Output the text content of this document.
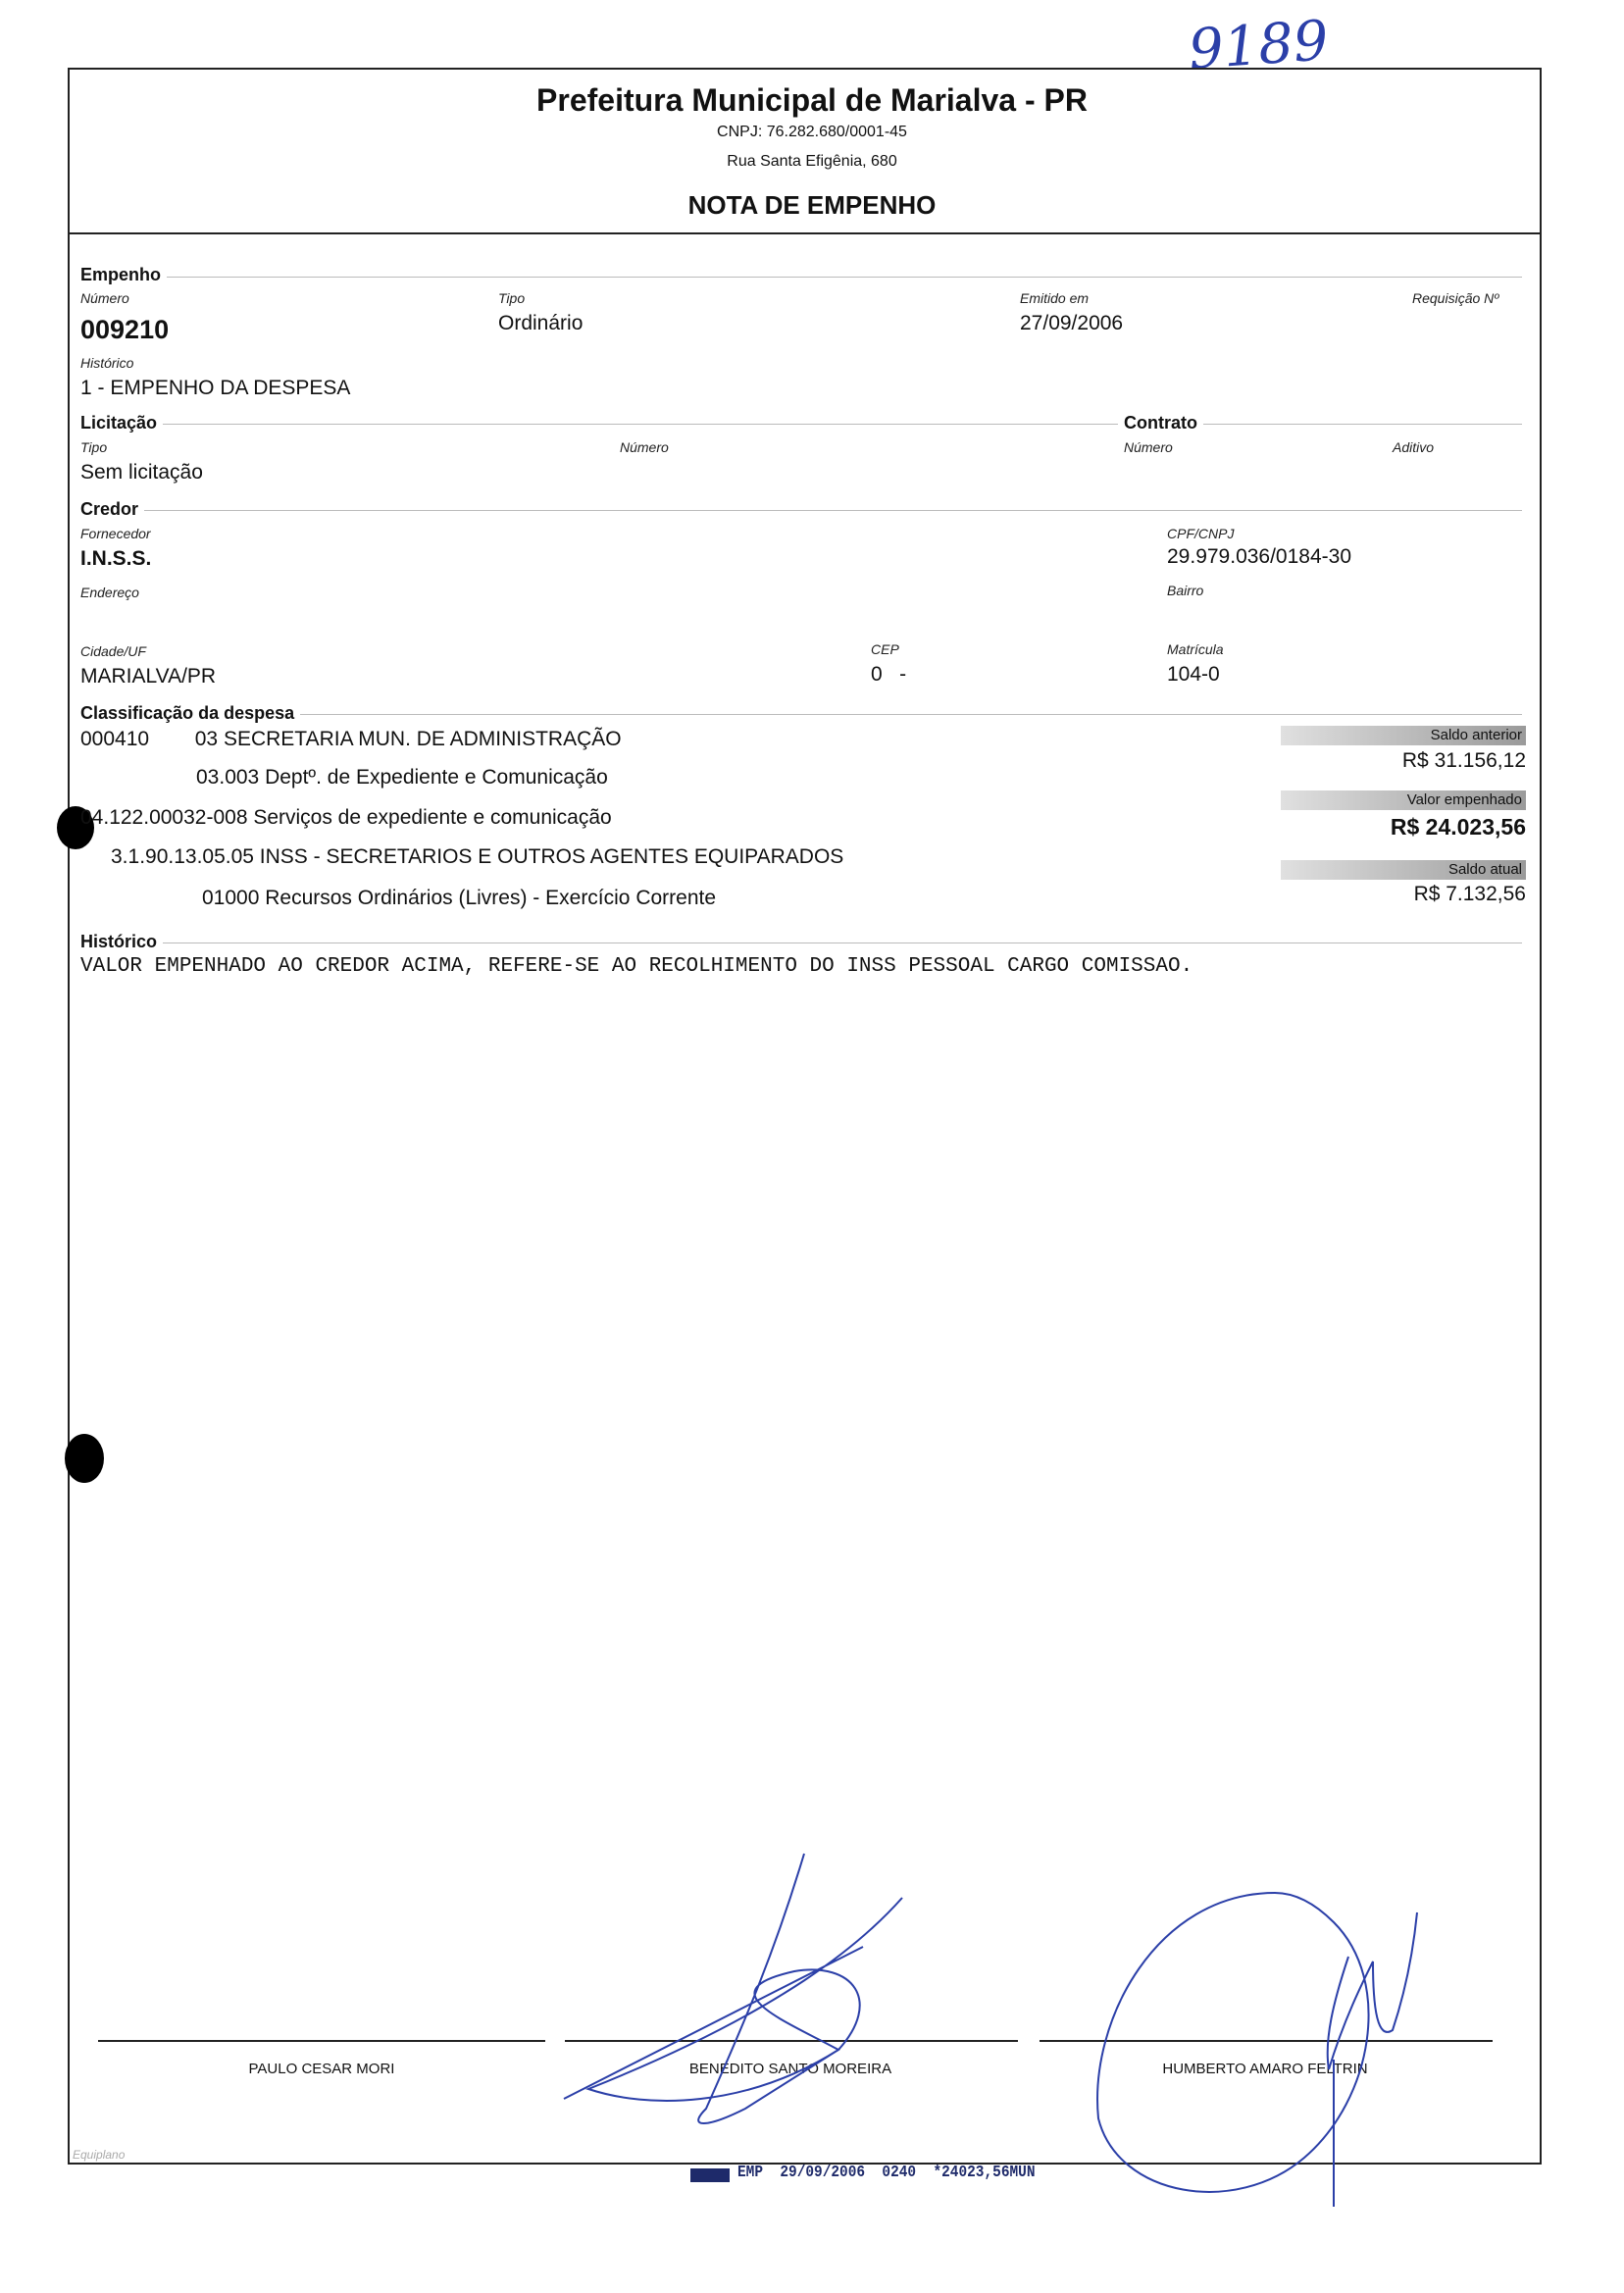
9189
Prefeitura Municipal de Marialva - PR
CNPJ: 76.282.680/0001-45
Rua Santa Efigênia, 680
NOTA DE EMPENHO
Empenho
Número
009210
Tipo
Ordinário
Emitido em
27/09/2006
Requisição Nº
Histórico
1 - EMPENHO DA DESPESA
Licitação	Contrato
Tipo
Sem licitação
Número	Número	Aditivo
Credor
Fornecedor
I.N.S.S.
CPF/CNPJ
29.979.036/0184-30
Endereço	Bairro
Cidade/UF
MARIALVA/PR
CEP
0   -
Matrícula
104-0
Classificação da despesa
000410        03 SECRETARIA MUN. DE ADMINISTRAÇÃO
03.003 Deptº. de Expediente e Comunicação
04.122.00032-008 Serviços de expediente e comunicação
3.1.90.13.05.05 INSS - SECRETARIOS E OUTROS AGENTES EQUIPARADOS
01000 Recursos Ordinários (Livres) - Exercício Corrente
Saldo anterior
R$ 31.156,12
Valor empenhado
R$ 24.023,56
Saldo atual
R$ 7.132,56
Histórico
VALOR EMPENHADO AO CREDOR ACIMA, REFERE-SE AO RECOLHIMENTO DO INSS PESSOAL CARGO COMISSAO.
PAULO CESAR MORI	BENEDITO SANTO MOREIRA	HUMBERTO AMARO FELTRIN
Equiplano
EMP  29/09/2006  0240  *24023,56MUN
